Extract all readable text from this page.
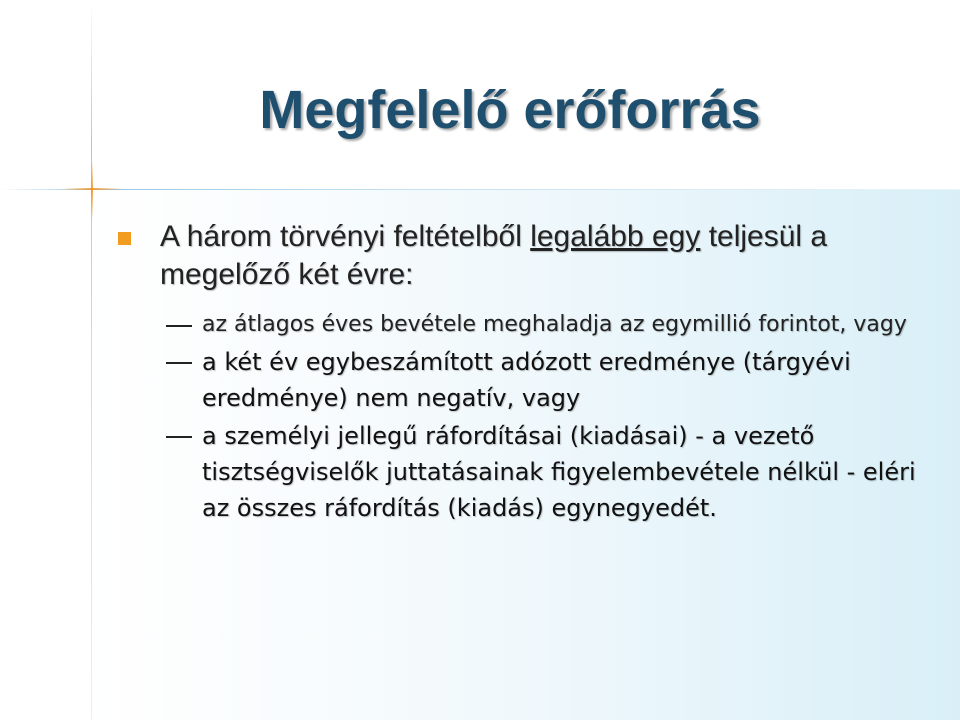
Megfelelő erőforrás
A három törvényi feltételből legalább egy teljesül a megelőző két évre:
az átlagos éves bevétele meghaladja az egymillió forintot, vagy
a két év egybeszámított adózott eredménye (tárgyévi eredménye) nem negatív, vagy
a személyi jellegű ráfordításai (kiadásai) - a vezető tisztségviselők juttatásainak figyelembevétele nélkül - eléri az összes ráfordítás (kiadás) egynegyedét.
